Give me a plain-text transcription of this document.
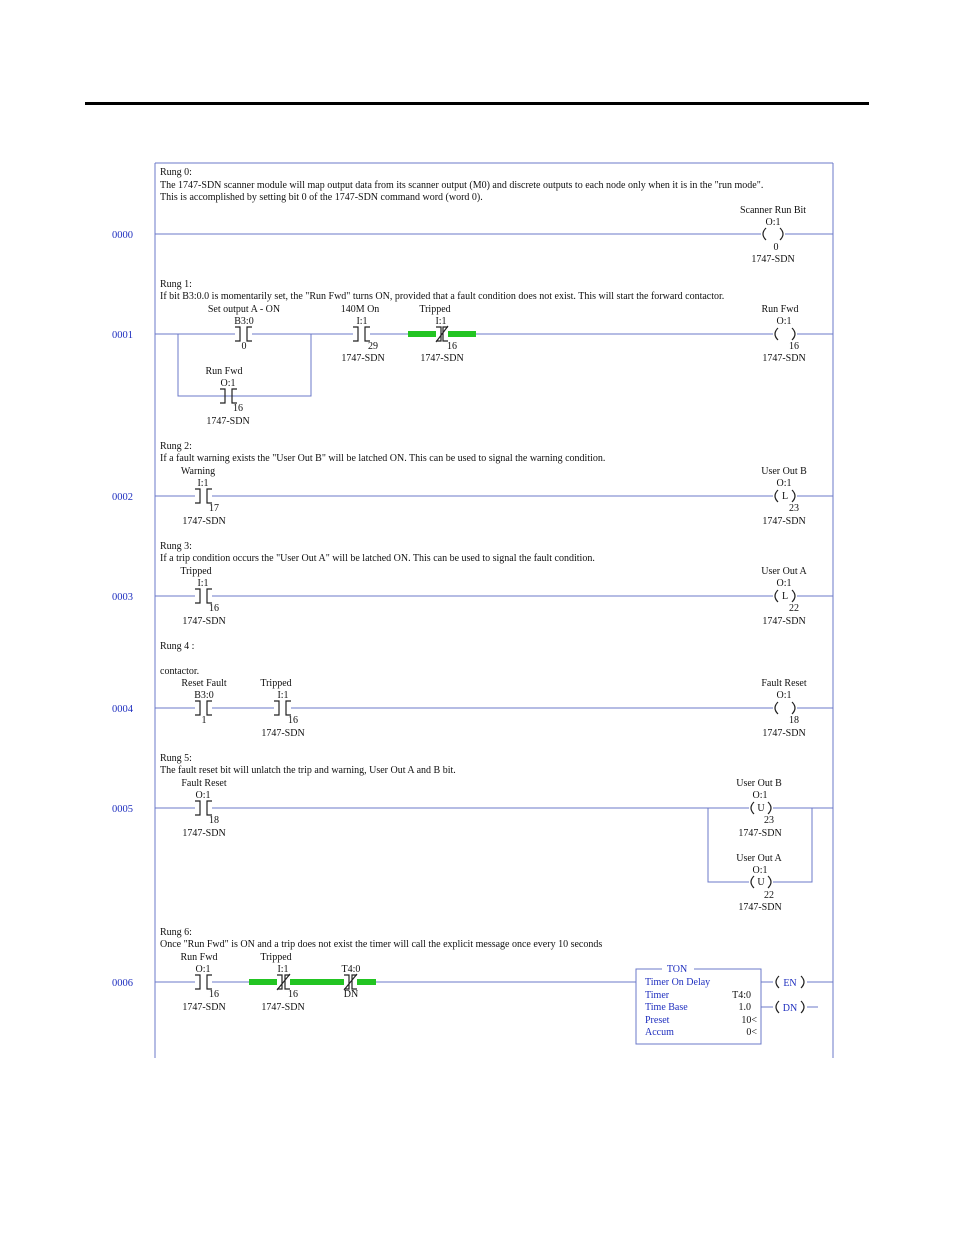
0000
Rung 0:
The 1747-SDN scanner module will map output data from its scanner output (M0) and discrete outputs to each node only when it is in the "run mode".
This is accomplished by setting bit 0 of the 1747-SDN command word (word 0).
Scanner Run Bit
O:1
0
1747-SDN
0001
Rung 1:
If bit B3:0.0 is momentarily set, the "Run Fwd" turns ON, provided that a fault condition does not exist. This will start the forward contactor.
Set output A - ON
B3:0
0
140M On
I:1
29
1747-SDN
Tripped
I:1
16
1747-SDN
Run Fwd
O:1
16
1747-SDN
Run Fwd
O:1
16
1747-SDN
0002
Rung 2:
If a fault warning exists the "User Out B" will be latched ON. This can be used to signal the warning condition.
Warning
I:1
17
1747-SDN
L
User Out B
O:1
23
1747-SDN
0003
Rung 3:
If a trip condition occurs the "User Out A" will be latched ON. This can be used to signal the fault condition.
Tripped
I:1
16
1747-SDN
L
User Out A
O:1
22
1747-SDN
0004
Rung 4 :
contactor.
Reset Fault
B3:0
1
Tripped
I:1
16
1747-SDN
Fault Reset
O:1
18
1747-SDN
0005
Rung 5:
The fault reset bit will unlatch the trip and warning, User Out A and B bit.
Fault Reset
O:1
18
1747-SDN
U
User Out B
O:1
23
1747-SDN
U
User Out A
O:1
22
1747-SDN
0006
Rung 6:
Once "Run Fwd" is ON and a trip does not exist the timer will call the explicit message once every 10 seconds
Run Fwd
O:1
16
1747-SDN
Tripped
I:1
16
1747-SDN
T4:0
DN
TON
Timer On Delay
Timer	T4:0
Time Base	1.0
Preset	10<
Accum	0<
EN
DN
